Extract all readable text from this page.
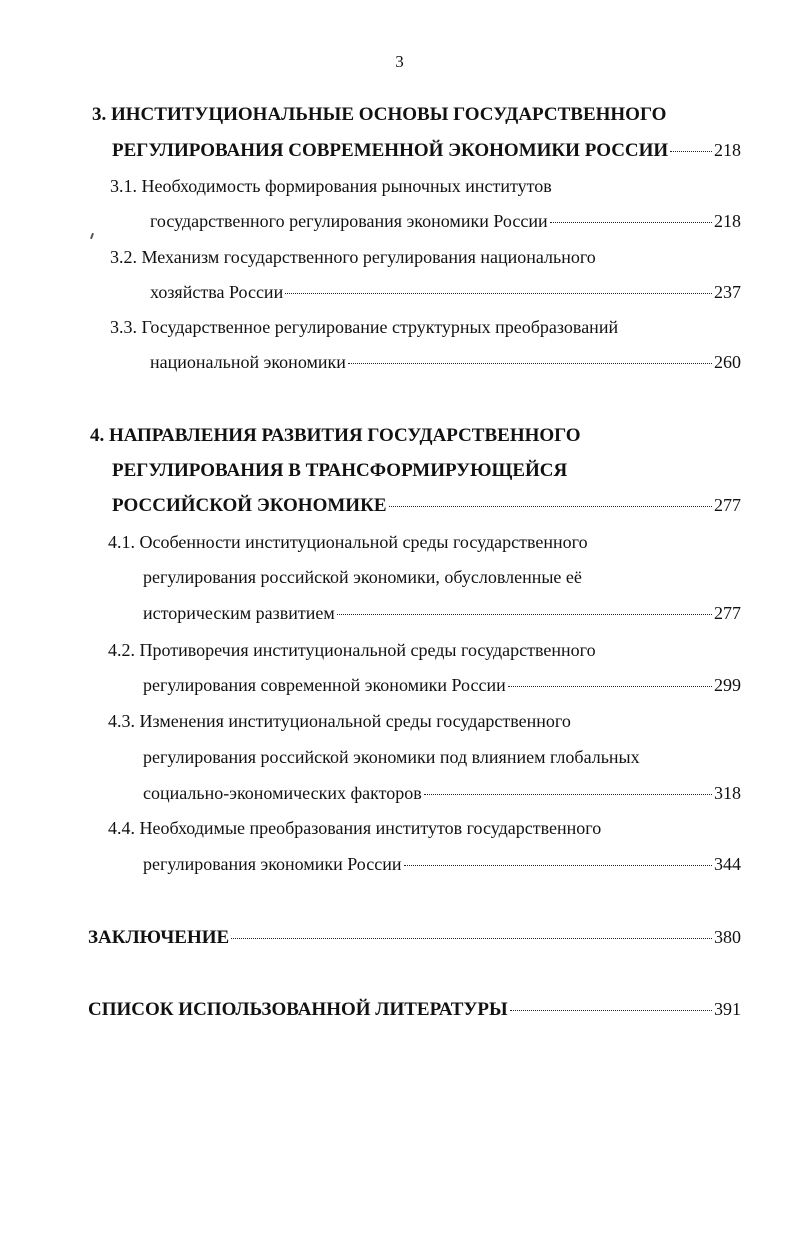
3
3. ИНСТИТУЦИОНАЛЬНЫЕ ОСНОВЫ ГОСУДАРСТВЕННОГО
РЕГУЛИРОВАНИЯ СОВРЕМЕННОЙ ЭКОНОМИКИ РОССИИ	218
3.1. Необходимость формирования рыночных институтов
государственного регулирования экономики России	218
3.2. Механизм государственного регулирования национального
хозяйства России	237
3.3. Государственное регулирование структурных преобразований
национальной экономики	260
4. НАПРАВЛЕНИЯ РАЗВИТИЯ ГОСУДАРСТВЕННОГО
РЕГУЛИРОВАНИЯ В ТРАНСФОРМИРУЮЩЕЙСЯ
РОССИЙСКОЙ ЭКОНОМИКЕ	277
4.1. Особенности институциональной среды государственного
регулирования российской экономики, обусловленные её
историческим развитием	277
4.2. Противоречия институциональной среды государственного
регулирования современной экономики России	299
4.3. Изменения институциональной среды государственного
регулирования российской экономики под влиянием глобальных
социально-экономических факторов	318
4.4. Необходимые преобразования институтов государственного
регулирования экономики России	344
ЗАКЛЮЧЕНИЕ	380
СПИСОК ИСПОЛЬЗОВАННОЙ ЛИТЕРАТУРЫ	391
